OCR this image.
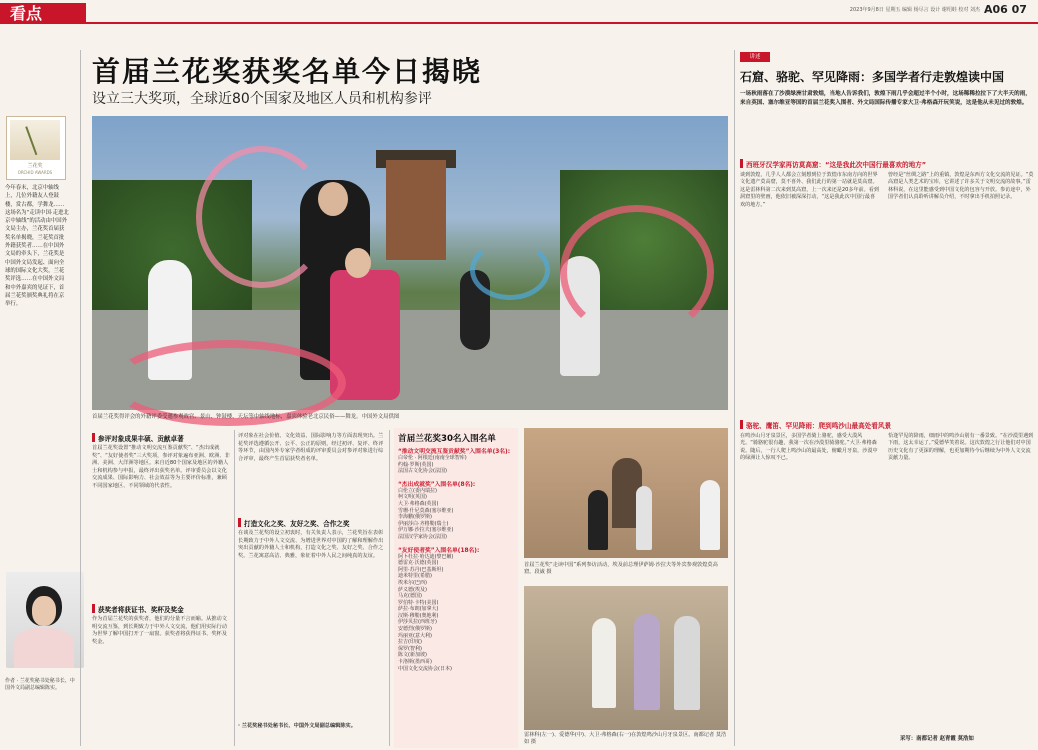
看点	2023年9月8日 星期五 编辑 杨尽言 设计 谢绍蛙 校对 刘杰 A06 07
兰花奖
ORCHID AWARDS
今年春末，北京中轴线上，几位外籍友人登鼓楼，赏古都，学舞龙……这场名为“走读中国·走进北京中轴线”的活动由中国外文局主办，兰花奖首届获奖名单揭晓，兰花奖首批外籍获奖者……在中国外文局的牵头下，兰花奖是中国外文局发起、面向全球的国际文化大奖，兰花奖评选……在中国外文局和中外嘉宾的见证下，首届兰花奖颁奖典礼将在京举行。
作者 · 兰花奖秘书处秘书长、中国外文局副总编辑陈实。
首届兰花奖获奖名单今日揭晓
设立三大奖项，全球近80个国家及地区人员和机构参评
首届兰花奖得评会的外籍评委受邀参观故宫、景山、钟鼓楼、天坛等中轴线地标，嘉宾体验老北京民俗——舞龙。中国外文局供图
参评对象成果丰硕、贡献卓著
首届兰花奖设置“推动文明交流互鉴贡献奖”、“杰出成就奖”、“友好使者奖”三大奖项，参评对象遍布亚洲、欧洲、非洲、美洲、大洋洲等地区。来自近80个国家及地区的外籍人士和机构参与申报，最终评出获奖名单。评审委员会以文化交流成果、国际影响力、社会效益等为主要评价标准，兼顾不同国家地区、不同领域的代表性。
获奖者将获证书、奖杯及奖金
作为首届兰花奖的获奖者，他们的分量不言而喻。从推动文明交流互鉴，到长期致力于中外人文交流，他们用实际行动为世界了解中国打开了一扇窗。获奖者将获得证书、奖杯及奖金。
评对象在社会价值、文化效益、国际影响力等方面表现突出。兰花奖评选遵循公开、公平、公正的原则，经过初评、复评、终评等环节，由国内外专家学者组成的评审委员会对参评对象进行综合评审，最终产生首届获奖者名单。
打造文化之奖、友好之奖、合作之奖
在谈及兰花奖的设立初衷时，有关负责人表示，兰花奖旨在表彰长期致力于中外人文交流、为增进世界对中国的了解和理解作出突出贡献的外籍人士和机构，打造文化之奖、友好之奖、合作之奖。兰花寓意高洁、典雅，象征着中外人民之间纯真的友谊。
· 兰花奖秘书处秘书长、中国外文局副总编辑陈实。
首届兰花奖30名入围名单
“推动文明交流互鉴贡献奖”入围名单(3名):
白帝伦 · 阿根廷(南南全球智库)
约翰·罗斯(英国)
法国古文化协会(法国)
“杰出成就奖”入围名单(8名):
白伦立(委内瑞拉)
柯文明(英国)
大卫·弗格森(英国)
雪珊·什尼莫森(塞尔维亚)
李海鹏(俄罗斯)
伊丽莎白·齐格勒(瑞士)
伊万娜·沙拉夫(塞尔维亚)
法国汉学家协会(法国)
“友好使者奖”入围名单(18名):
阿卜杜拉·哈达迪(黎巴嫩)
德雷克·沃德(英国)
阿里·苏丹(巴基斯坦)
迪米特里(希腊)
埃米尔(巴西)
萨义德(埃及)
马克(德国)
罗伯特·卡特(美国)
萨拉·布朗(加拿大)
汉斯·穆勒(奥地利)
伊莎贝拉(西班牙)
安德烈(俄罗斯)
玛丽亚(意大利)
拉吉(印度)
保罗(智利)
陈文(新加坡)
卡洛斯(墨西哥)
中国文化交流协会(日本)
首届兰花奖“走读中国”系列参访活动，埃及前总理伊萨姆·沙拉夫等外宾参观敦煌莫高窟。段崴 摄
雷林科(左一)、爱德华(中)、大卫·弗格森(右一)在敦煌鸣沙山月牙泉景区。南都记者 莫浩如 摄
讲述
石窟、骆驼、罕见降雨：多国学者行走敦煌读中国
一场秋雨落在了沙漠绿洲甘肃敦煌，当地人告诉我们，敦煌下雨几乎会超过半个小时，这场稀稀拉拉下了大半天的雨，来自英国、塞尔维亚等国的首届兰花奖入围者、外文局国际传播专家大卫·弗格森开玩笑说，这是他从未见过的敦煌。
西班牙汉学家再访莫高窟：“这是我此次中国行最喜欢的地方”
谈到敦煌，几乎人人都会立刻想到位于敦煌市东南方向的世界文化遗产莫高窟，莫不喜外、我们此行的第一站就是莫高窟。这是雷林科第二次来到莫高窟，上一次来还是20多年前。看到洞窟里的壁画，他依旧被深深打动，“这是我此次中国行最喜欢的地方。”
曾经是“丝绸之路”上的重镇，敦煌是东西方文化交流的见证。“莫高窟是人类艺术的宝库，它讲述了许多关于文明交流的故事。”雷林科说，在这里能感受到中国文化的包容与开放。参访途中，外国学者们认真聆听讲解员介绍，不时拿出手机拍照记录。
骆驼、鹰笛、罕见降雨：爬到鸣沙山最高处看风景
在鸣沙山月牙泉景区，多国学者骑上骆驼，感受大漠风光。“骑骆驼很有趣，我第一次在沙漠里骑骆驼。”大卫·弗格森说。随后，一行人爬上鸣沙山的最高处，俯瞰月牙泉，沙漠中的绿洲让人惊叹不已。
恰逢罕见的降雨，细雨中的鸣沙山别有一番景致。“在沙漠里遇到下雨，这太幸运了。”爱德华笑着说。这次敦煌之行让他们对中国历史文化有了更深的理解，也更加期待今后继续为中外人文交流贡献力量。
采写：南都记者 赵青霞 莫浩如
